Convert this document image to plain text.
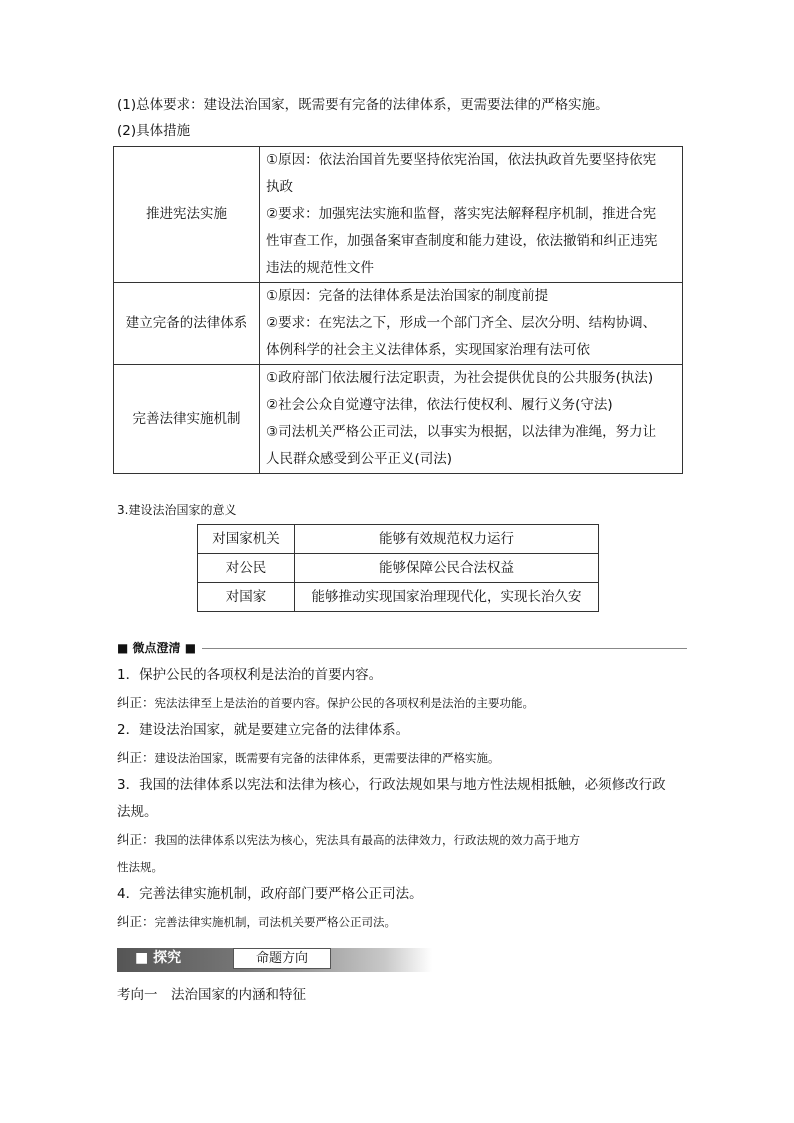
(1)总体要求：建设法治国家，既需要有完备的法律体系，更需要法律的严格实施。
(2)具体措施
推进宪法实施	①原因：依法治国首先要坚持依宪治国，依法执政首先要坚持依宪
执政
②要求：加强宪法实施和监督，落实宪法解释程序机制，推进合宪
性审查工作，加强备案审查制度和能力建设，依法撤销和纠正违宪
违法的规范性文件

建立完备的法律体系	①原因：完备的法律体系是法治国家的制度前提
②要求：在宪法之下，形成一个部门齐全、层次分明、结构协调、
体例科学的社会主义法律体系，实现国家治理有法可依

完善法律实施机制	①政府部门依法履行法定职责，为社会提供优良的公共服务(执法)
②社会公众自觉遵守法律，依法行使权利、履行义务(守法)
③司法机关严格公正司法，以事实为根据，以法律为准绳，努力让
人民群众感受到公平正义(司法)
3.建设法治国家的意义
对国家机关	能够有效规范权力运行
对公民	能够保障公民合法权益
对国家	能够推动实现国家治理现代化，实现长治久安
■ 微点澄清 ■
1．保护公民的各项权利是法治的首要内容。
纠正：宪法法律至上是法治的首要内容。保护公民的各项权利是法治的主要功能。
2．建设法治国家，就是要建立完备的法律体系。
纠正：建设法治国家，既需要有完备的法律体系，更需要法律的严格实施。
3．我国的法律体系以宪法和法律为核心，行政法规如果与地方性法规相抵触，必须修改行政
法规。
纠正：我国的法律体系以宪法为核心，宪法具有最高的法律效力，行政法规的效力高于地方
性法规。
4．完善法律实施机制，政府部门要严格公正司法。
纠正：完善法律实施机制，司法机关要严格公正司法。
■ 探究	命题方向
考向一　法治国家的内涵和特征
